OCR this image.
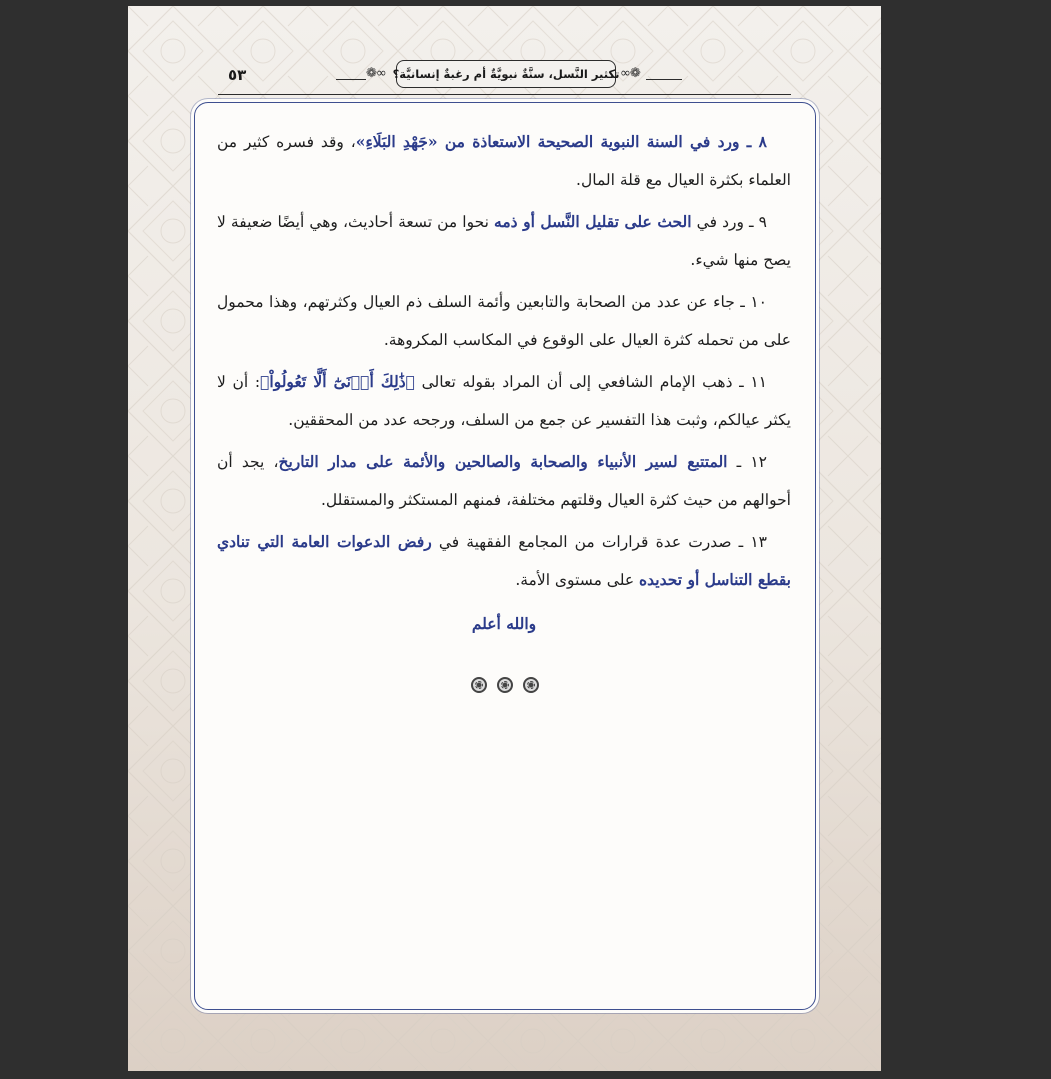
٥٣	❁∞ تكثير النَّسل، سنَّةٌ نبويَّةٌ أم رغبةٌ إنسانيَّة؟ ∞❁

٨ ـ ورد في السنة النبوية الصحيحة الاستعاذة من «جَهْدِ البَلَاءِ»، وقد فسره كثير من العلماء بكثرة العيال مع قلة المال.

٩ ـ ورد في الحث على تقليل النَّسل أو ذمه نحوا من تسعة أحاديث، وهي أيضًا ضعيفة لا يصح منها شيء.

١٠ ـ جاء عن عدد من الصحابة والتابعين وأئمة السلف ذم العيال وكثرتهم، وهذا محمول على من تحمله كثرة العيال على الوقوع في المكاسب المكروهة.

١١ ـ ذهب الإمام الشافعي إلى أن المراد بقوله تعالى ﴿ذَٰلِكَ أَدۡنَىٰٓ أَلَّا تَعُولُواْ﴾: أن لا يكثر عيالكم، وثبت هذا التفسير عن جمع من السلف، ورجحه عدد من المحققين.

١٢ ـ المتتبع لسير الأنبياء والصحابة والصالحين والأئمة على مدار التاريخ، يجد أن أحوالهم من حيث كثرة العيال وقلتهم مختلفة، فمنهم المستكثر والمستقلل.

١٣ ـ صدرت عدة قرارات من المجامع الفقهية في رفض الدعوات العامة التي تنادي بقطع التناسل أو تحديده على مستوى الأمة.

والله أعلم
